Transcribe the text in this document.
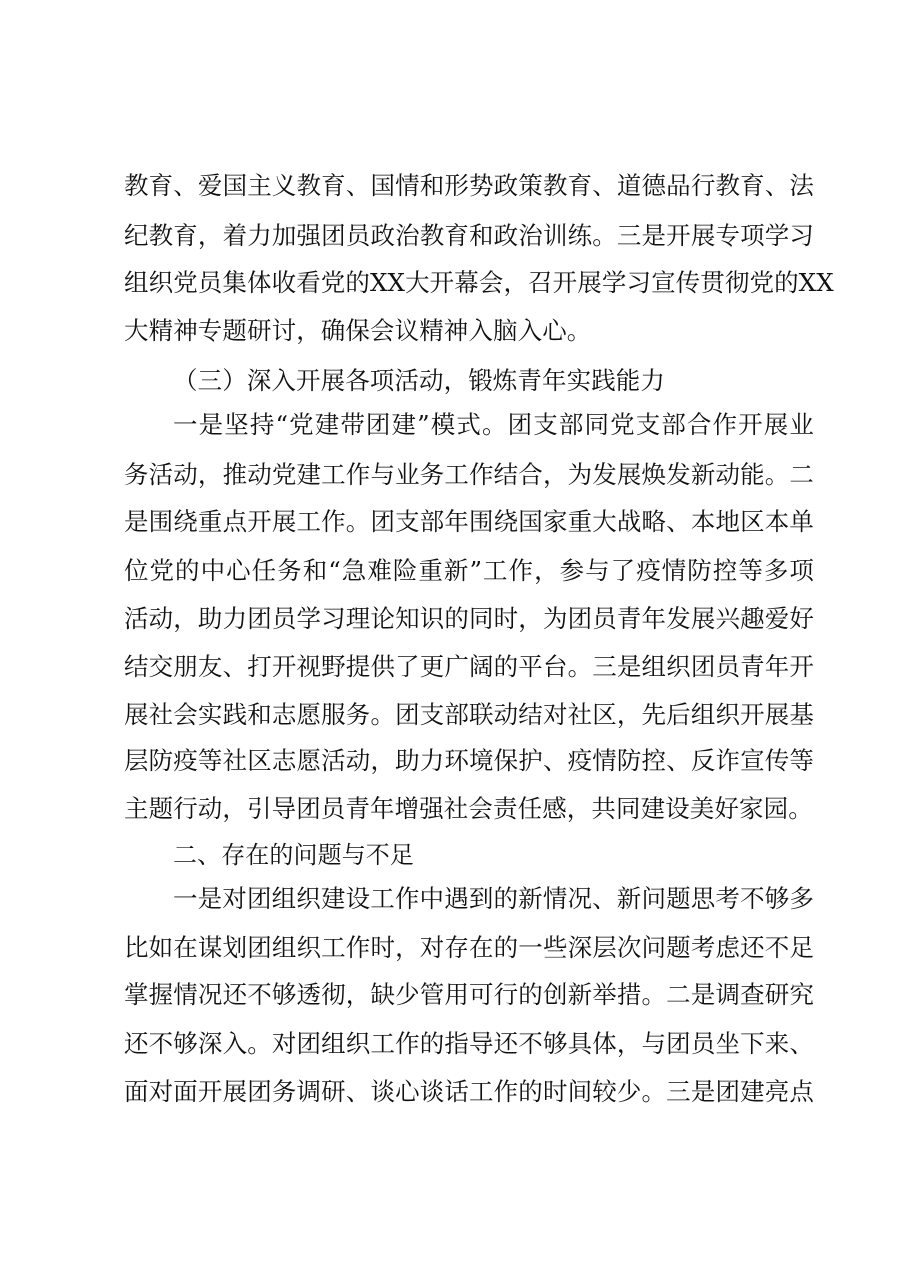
教育、爱国主义教育、国情和形势政策教育、道德品行教育、法
纪教育，着力加强团员政治教育和政治训练。三是开展专项学习
组织党员集体收看党的XX大开幕会，召开展学习宣传贯彻党的XX
大精神专题研讨，确保会议精神入脑入心。
（三）深入开展各项活动，锻炼青年实践能力
一是坚持“党建带团建”模式。团支部同党支部合作开展业
务活动，推动党建工作与业务工作结合，为发展焕发新动能。二
是围绕重点开展工作。团支部年围绕国家重大战略、本地区本单
位党的中心任务和“急难险重新”工作，参与了疫情防控等多项
活动，助力团员学习理论知识的同时，为团员青年发展兴趣爱好
结交朋友、打开视野提供了更广阔的平台。三是组织团员青年开
展社会实践和志愿服务。团支部联动结对社区，先后组织开展基
层防疫等社区志愿活动，助力环境保护、疫情防控、反诈宣传等
主题行动，引导团员青年增强社会责任感，共同建设美好家园。
二、存在的问题与不足
一是对团组织建设工作中遇到的新情况、新问题思考不够多
比如在谋划团组织工作时，对存在的一些深层次问题考虑还不足
掌握情况还不够透彻，缺少管用可行的创新举措。二是调查研究
还不够深入。对团组织工作的指导还不够具体，与团员坐下来、
面对面开展团务调研、谈心谈话工作的时间较少。三是团建亮点
